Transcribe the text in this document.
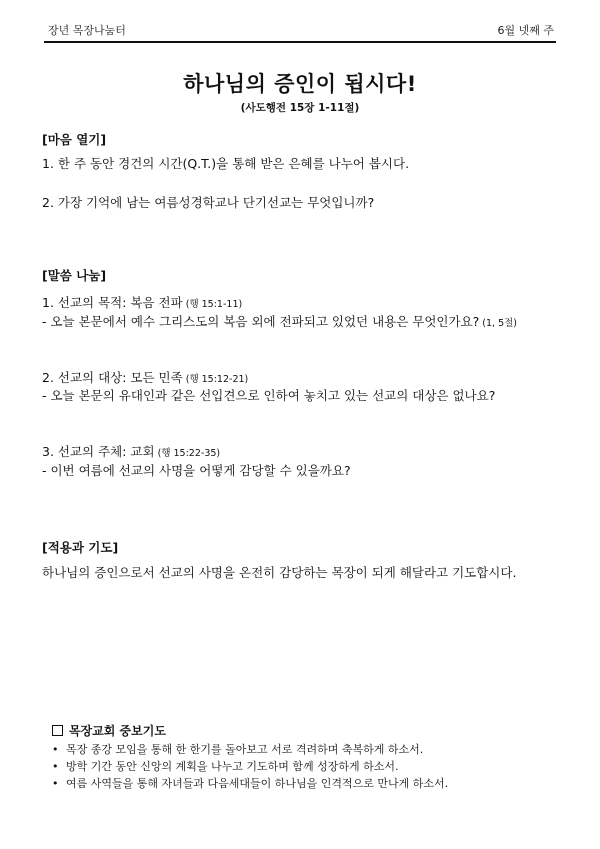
장년 목장나눔터	6월 넷째 주
하나님의 증인이 됩시다!
(사도행전 15장 1-11절)
[마음 열기]
1. 한 주 동안 경건의 시간(Q.T.)을 통해 받은 은혜를 나누어 봅시다.
2. 가장 기억에 남는 여름성경학교나 단기선교는 무엇입니까?
[말씀 나눔]
1. 선교의 목적: 복음 전파 (행 15:1-11)
- 오늘 본문에서 예수 그리스도의 복음 외에 전파되고 있었던 내용은 무엇인가요? (1, 5절)
2. 선교의 대상: 모든 민족 (행 15:12-21)
- 오늘 본문의 유대인과 같은 선입견으로 인하여 놓치고 있는 선교의 대상은 없나요?
3. 선교의 주체: 교회 (행 15:22-35)
- 이번 여름에 선교의 사명을 어떻게 감당할 수 있을까요?
[적용과 기도]
하나님의 증인으로서 선교의 사명을 온전히 감당하는 목장이 되게 해달라고 기도합시다.
목장교회 중보기도
• 목장 종강 모임을 통해 한 한기를 돌아보고 서로 격려하며 축복하게 하소서.
• 방학 기간 동안 신앙의 계획을 나누고 기도하며 함께 성장하게 하소서.
• 여름 사역들을 통해 자녀들과 다음세대들이 하나님을 인격적으로 만나게 하소서.
